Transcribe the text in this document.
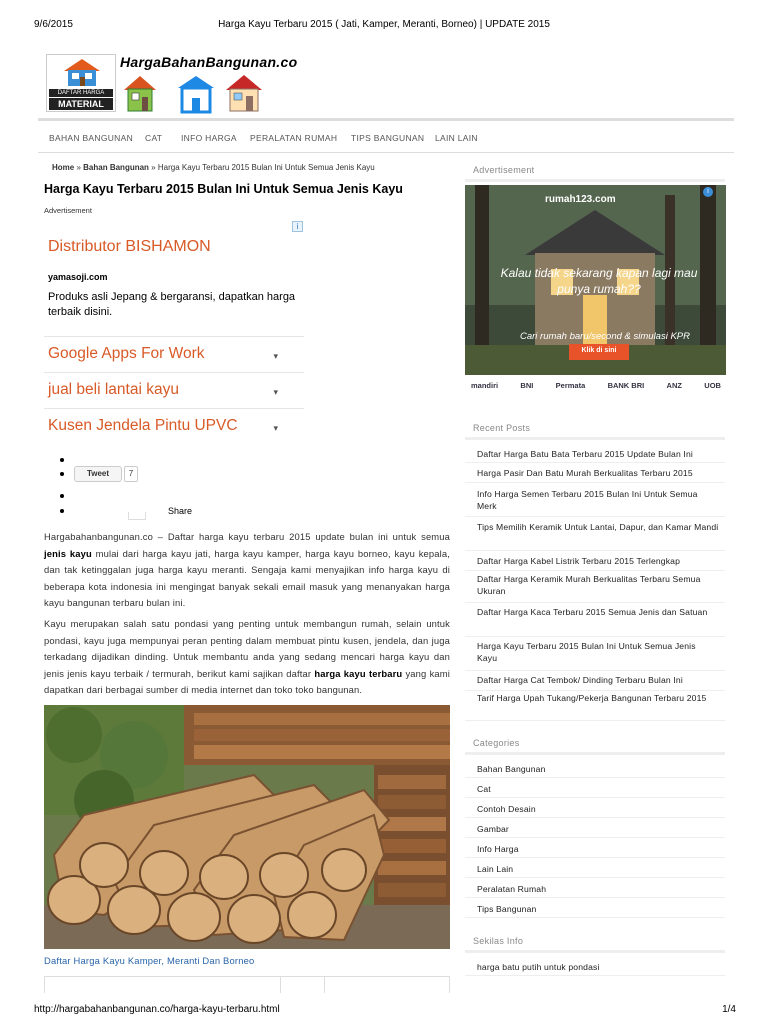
9/6/2015	Harga Kayu Terbaru 2015 ( Jati, Kamper, Meranti, Borneo) | UPDATE 2015
DAFTAR HARGA
MATERIAL
HargaBahanBangunan.co
BAHAN BANGUNAN CAT INFO HARGA PERALATAN RUMAH TIPS BANGUNAN LAIN LAIN
Home » Bahan Bangunan » Harga Kayu Terbaru 2015 Bulan Ini Untuk Semua Jenis Kayu
Harga Kayu Terbaru 2015 Bulan Ini Untuk Semua Jenis Kayu
Advertisement
i
Distributor BISHAMON
yamasoji.com
Produks asli Jepang & bergaransi, dapatkan harga terbaik disini.
Google Apps For Work	▾
jual beli lantai kayu	▾
Kusen Jendela Pintu UPVC	▾
Tweet	7
Share

Hargabahanbangunan.co – Daftar harga kayu terbaru 2015 update bulan ini untuk semua jenis kayu mulai dari harga kayu jati, harga kayu kamper, harga kayu borneo, kayu kepala, dan tak ketinggalan juga harga kayu meranti. Sengaja kami menyajikan info harga kayu di beberapa kota indonesia ini mengingat banyak sekali email masuk yang menanyakan harga kayu bangunan terbaru bulan ini.

Kayu merupakan salah satu pondasi yang penting untuk membangun rumah, selain untuk pondasi, kayu juga mempunyai peran penting dalam membuat pintu kusen, jendela, dan juga terkadang dijadikan dinding. Untuk membantu anda yang sedang mencari harga kayu dan jenis jenis kayu terbaik / termurah, berikut kami sajikan daftar harga kayu terbaru yang kami dapatkan dari berbagai sumber di media internet dan toko toko bangunan.

Daftar Harga Kayu Kamper, Meranti Dan Borneo
Advertisement
rumah123.com
Kalau tidak sekarang kapan lagi mau punya rumah??
Cari rumah baru/second & simulasi KPR
Klik di sini
i
mandiri	BNI	Permata	BANK BRI	ANZ	UOB
Recent Posts
Daftar Harga Batu Bata Terbaru 2015 Update Bulan Ini
Harga Pasir Dan Batu Murah Berkualitas Terbaru 2015
Info Harga Semen Terbaru 2015 Bulan Ini Untuk Semua Merk
Tips Memilih Keramik Untuk Lantai, Dapur, dan Kamar Mandi
Daftar Harga Kabel Listrik Terbaru 2015 Terlengkap
Daftar Harga Keramik Murah Berkualitas Terbaru Semua Ukuran
Daftar Harga Kaca Terbaru 2015 Semua Jenis dan Satuan
Harga Kayu Terbaru 2015 Bulan Ini Untuk Semua Jenis Kayu
Daftar Harga Cat Tembok/ Dinding Terbaru Bulan Ini
Tarif Harga Upah Tukang/Pekerja Bangunan Terbaru 2015
Categories
Bahan Bangunan
Cat
Contoh Desain
Gambar
Info Harga
Lain Lain
Peralatan Rumah
Tips Bangunan
Sekilas Info
harga batu putih untuk pondasi
http://hargabahanbangunan.co/harga-kayu-terbaru.html	1/4
